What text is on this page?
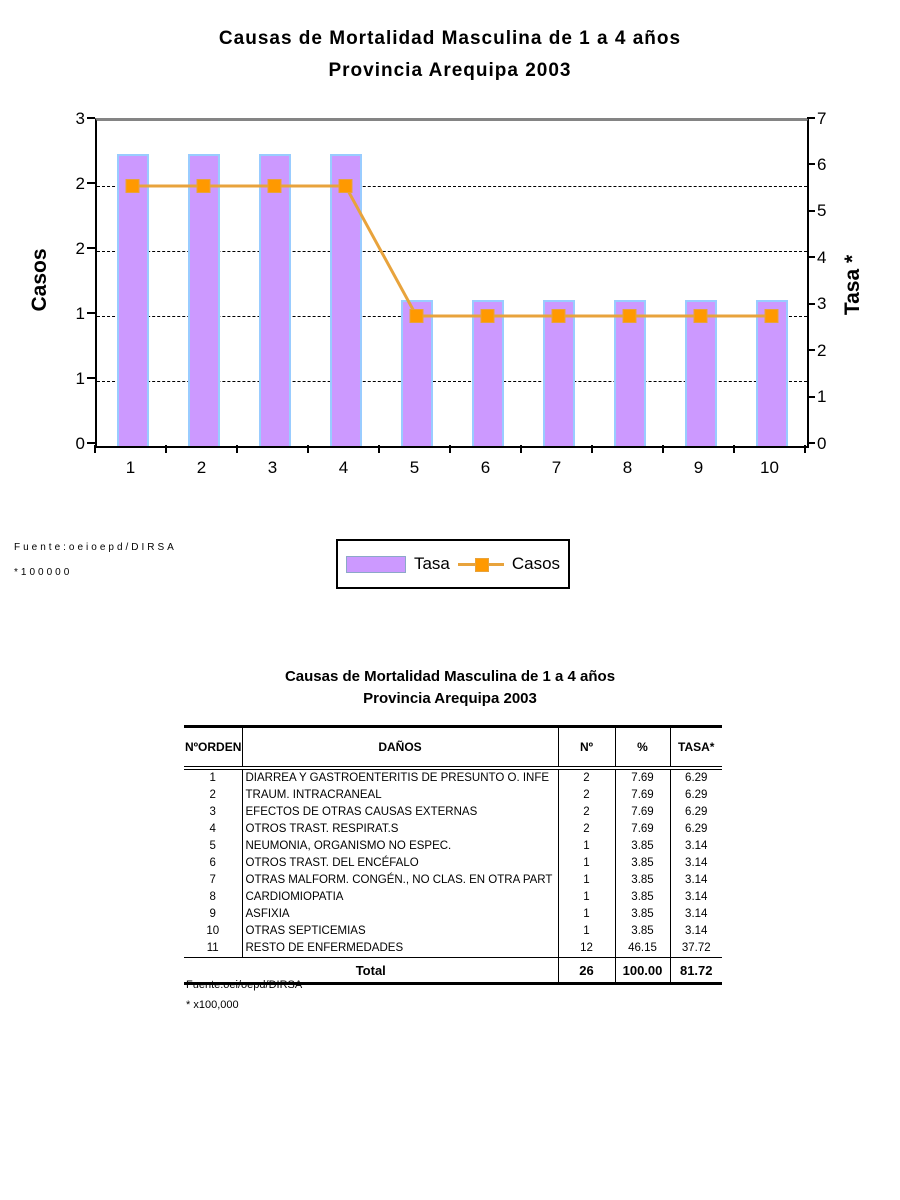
Causas de Mortalidad Masculina de 1 a 4 años
Provincia Arequipa 2003
Casos	Tasa *
3
2
2
1
1
0
7
6
5
4
3
2
1
0
1	2	3	4	5	6	7	8	9	10
Fuente:oeioepd/DIRSA
*100000	Tasa	Casos
Causas de Mortalidad Masculina de 1 a 4 años
Provincia Arequipa 2003
NºORDEN	DAÑOS	Nº	%	TASA*
1	DIARREA Y GASTROENTERITIS DE PRESUNTO O. INFE	2	7.69	6.29
2	TRAUM. INTRACRANEAL	2	7.69	6.29
3	EFECTOS DE OTRAS CAUSAS EXTERNAS	2	7.69	6.29
4	OTROS TRAST. RESPIRAT.S	2	7.69	6.29
5	NEUMONIA, ORGANISMO NO ESPEC.	1	3.85	3.14
6	OTROS TRAST. DEL ENCÉFALO	1	3.85	3.14
7	OTRAS MALFORM. CONGÉN., NO CLAS. EN OTRA PART	1	3.85	3.14
8	CARDIOMIOPATIA	1	3.85	3.14
9	ASFIXIA	1	3.85	3.14
10	OTRAS SEPTICEMIAS	1	3.85	3.14
11	RESTO DE ENFERMEDADES	12	46.15	37.72
Total		26	100.00	81.72
Fuente:oei/oepd/DIRSA
* x100,000
